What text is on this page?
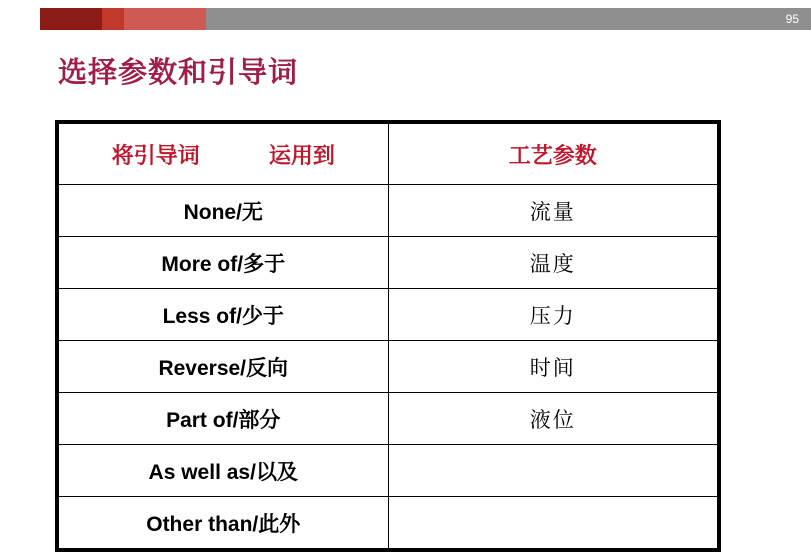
95
选择参数和引导词
将引导词 运用到	工艺参数
None/无	流量
More of/多于	温度
Less of/少于	压力
Reverse/反向	时间
Part of/部分	液位
As well as/以及	
Other than/此外	
